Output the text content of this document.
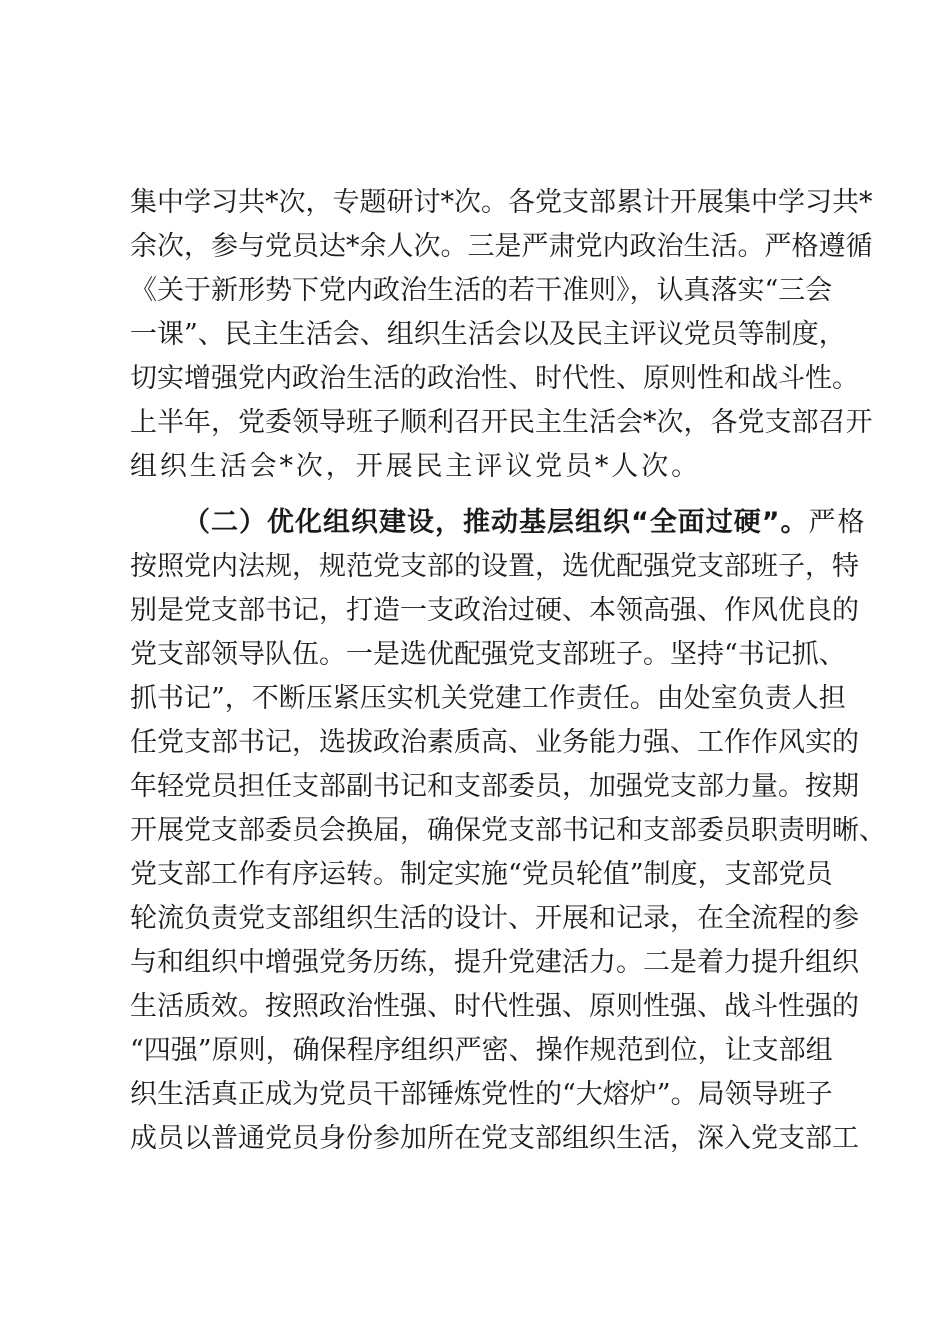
集中学习共*次，专题研讨*次。各党支部累计开展集中学习共*
余次，参与党员达*余人次。三是严肃党内政治生活。严格遵循
《关于新形势下党内政治生活的若干准则》，认真落实“三会
一课”、民主生活会、组织生活会以及民主评议党员等制度，
切实增强党内政治生活的政治性、时代性、原则性和战斗性。
上半年，党委领导班子顺利召开民主生活会*次，各党支部召开
组织生活会*次，开展民主评议党员*人次。
（二）优化组织建设，推动基层组织“全面过硬”。严格
按照党内法规，规范党支部的设置，选优配强党支部班子，特
别是党支部书记，打造一支政治过硬、本领高强、作风优良的
党支部领导队伍。一是选优配强党支部班子。坚持“书记抓、
抓书记”，不断压紧压实机关党建工作责任。由处室负责人担
任党支部书记，选拔政治素质高、业务能力强、工作作风实的
年轻党员担任支部副书记和支部委员，加强党支部力量。按期
开展党支部委员会换届，确保党支部书记和支部委员职责明晰、
党支部工作有序运转。制定实施“党员轮值”制度，支部党员
轮流负责党支部组织生活的设计、开展和记录，在全流程的参
与和组织中增强党务历练，提升党建活力。二是着力提升组织
生活质效。按照政治性强、时代性强、原则性强、战斗性强的
“四强”原则，确保程序组织严密、操作规范到位，让支部组
织生活真正成为党员干部锤炼党性的“大熔炉”。局领导班子
成员以普通党员身份参加所在党支部组织生活，深入党支部工
